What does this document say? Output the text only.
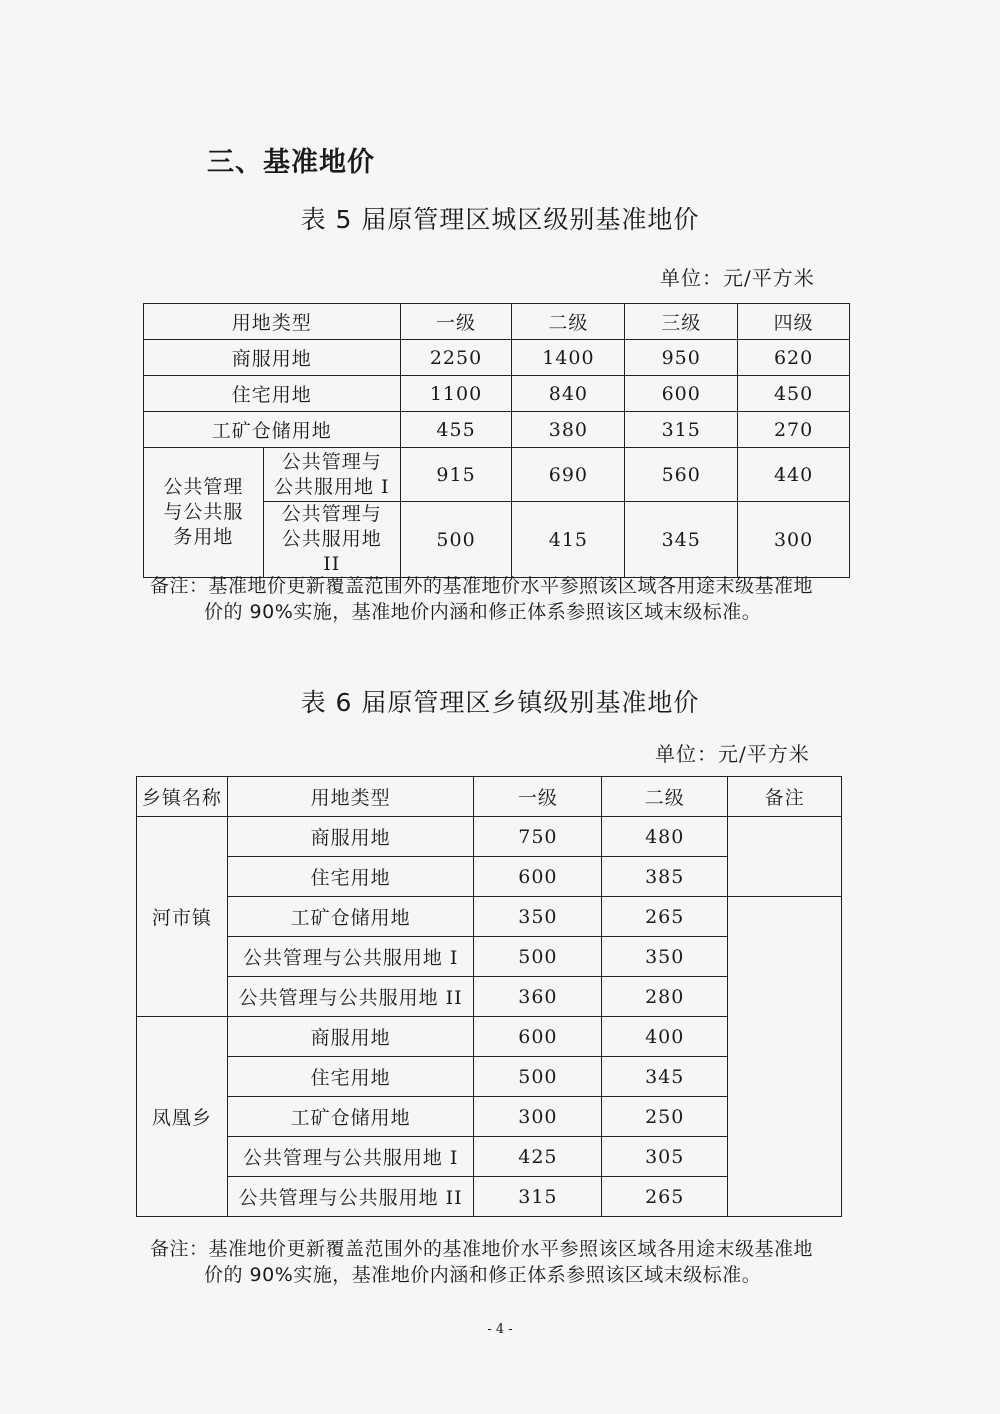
三、基准地价
表 5 届原管理区城区级别基准地价
单位：元/平方米
用地类型		一级	二级	三级	四级
商服用地		2250	1400	950	620
住宅用地		1100	840	600	450
工矿仓储用地		455	380	315	270
公共管理与公共服务用地	公共管理与公共服用地 I	915	690	560	440
	公共管理与公共服用地 II	500	415	345	300
备注：基准地价更新覆盖范围外的基准地价水平参照该区域各用途末级基准地
价的 90%实施，基准地价内涵和修正体系参照该区域末级标准。
表 6 届原管理区乡镇级别基准地价
单位：元/平方米
乡镇名称	用地类型	一级	二级	备注
河市镇	商服用地	750	480	
	住宅用地	600	385	
	工矿仓储用地	350	265	
	公共管理与公共服用地 I	500	350	
	公共管理与公共服用地 II	360	280	
凤凰乡	商服用地	600	400	
	住宅用地	500	345	
	工矿仓储用地	300	250	
	公共管理与公共服用地 I	425	305	
	公共管理与公共服用地 II	315	265	
备注：基准地价更新覆盖范围外的基准地价水平参照该区域各用途末级基准地
价的 90%实施，基准地价内涵和修正体系参照该区域末级标准。
- 4 -
